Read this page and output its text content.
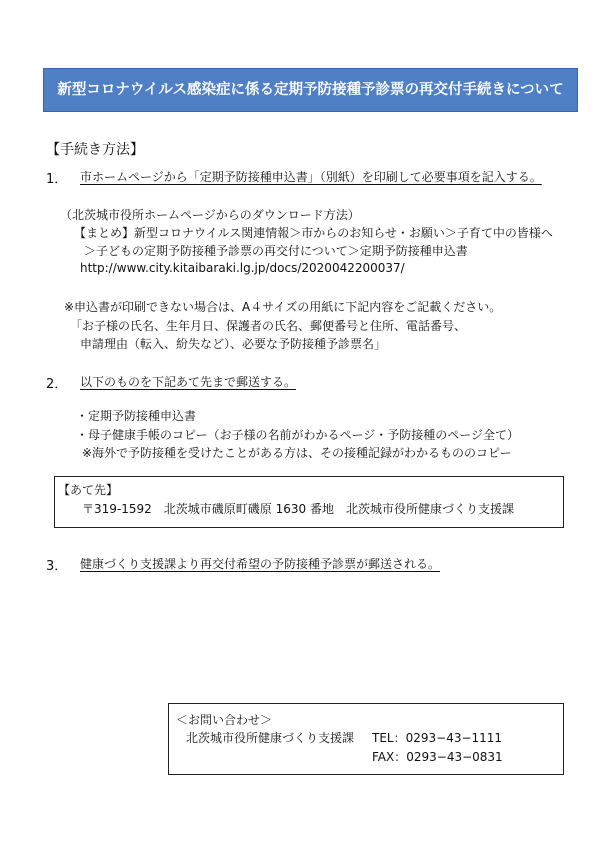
新型コロナウイルス感染症に係る定期予防接種予診票の再交付手続きについて
【手続き方法】
1． 市ホームページから「定期予防接種申込書」（別紙）を印刷して必要事項を記入する。
（北茨城市役所ホームページからのダウンロード方法）
【まとめ】新型コロナウイルス関連情報＞市からのお知らせ・お願い＞子育て中の皆様へ
＞子どもの定期予防接種予診票の再交付について＞定期予防接種申込書
http://www.city.kitaibaraki.lg.jp/docs/2020042200037/
※申込書が印刷できない場合は、A４サイズの用紙に下記内容をご記載ください。
「お子様の氏名、生年月日、保護者の氏名、郵便番号と住所、電話番号、
申請理由（転入、紛失など）、必要な予防接種予診票名」
2． 以下のものを下記あて先まで郵送する。
・定期予防接種申込書
・母子健康手帳のコピー（お子様の名前がわかるページ・予防接種のページ全て）
※海外で予防接種を受けたことがある方は、その接種記録がわかるもののコピー
【あて先】
〒319-1592　北茨城市磯原町磯原 1630 番地　北茨城市役所健康づくり支援課
3． 健康づくり支援課より再交付希望の予防接種予診票が郵送される。
＜お問い合わせ＞
北茨城市役所健康づくり支援課 TEL：0293−43−1111
FAX：0293−43−0831
